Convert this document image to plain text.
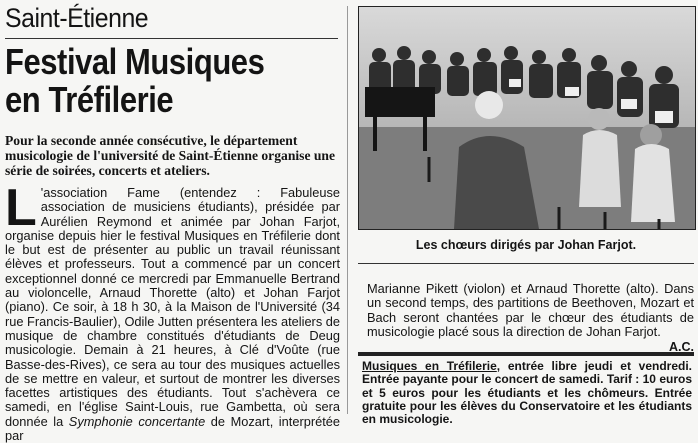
Saint-Étienne
Festival Musiques
en Tréfilerie
Pour la seconde année consécutive, le département musicologie de l'université de Saint-Étienne organise une série de soirées, concerts et ateliers.

L 'association Fame (entendez : Fabuleuse association de musiciens étudiants), présidée par Aurélien Reymond et animée par Johan Farjot, organise depuis hier le festival Musiques en Tréfilerie dont le but est de présenter au public un travail réunissant élèves et professeurs. Tout a commencé par un concert exceptionnel donné ce mercredi par Emmanuelle Bertrand au violoncelle, Arnaud Thorette (alto) et Johan Farjot (piano). Ce soir, à 18 h 30, à la Maison de l'Université (34 rue Francis-Baulier), Odile Jutten présentera les ateliers de musique de chambre constitués d'étudiants de Deug musicologie. Demain à 21 heures, à Clé d'Voûte (rue Basse-des-Rives), ce sera au tour des musiques actuelles de se mettre en valeur, et surtout de montrer les diverses facettes artistiques des étudiants. Tout s'achèvera ce samedi, en l'église Saint-Louis, rue Gambetta, où sera donnée la Symphonie concertante de Mozart, interprétée par

Les chœurs dirigés par Johan Farjot.
Marianne Pikett (violon) et Arnaud Thorette (alto). Dans un second temps, des partitions de Beethoven, Mozart et Bach seront chantées par le chœur des étudiants de musicologie placé sous la direction de Johan Farjot.
A.C.
Musiques en Tréfilerie, entrée libre jeudi et vendredi. Entrée payante pour le concert de samedi. Tarif : 10 euros et 5 euros pour les étudiants et les chômeurs. Entrée gratuite pour les élèves du Conservatoire et les étudiants en musicologie.
